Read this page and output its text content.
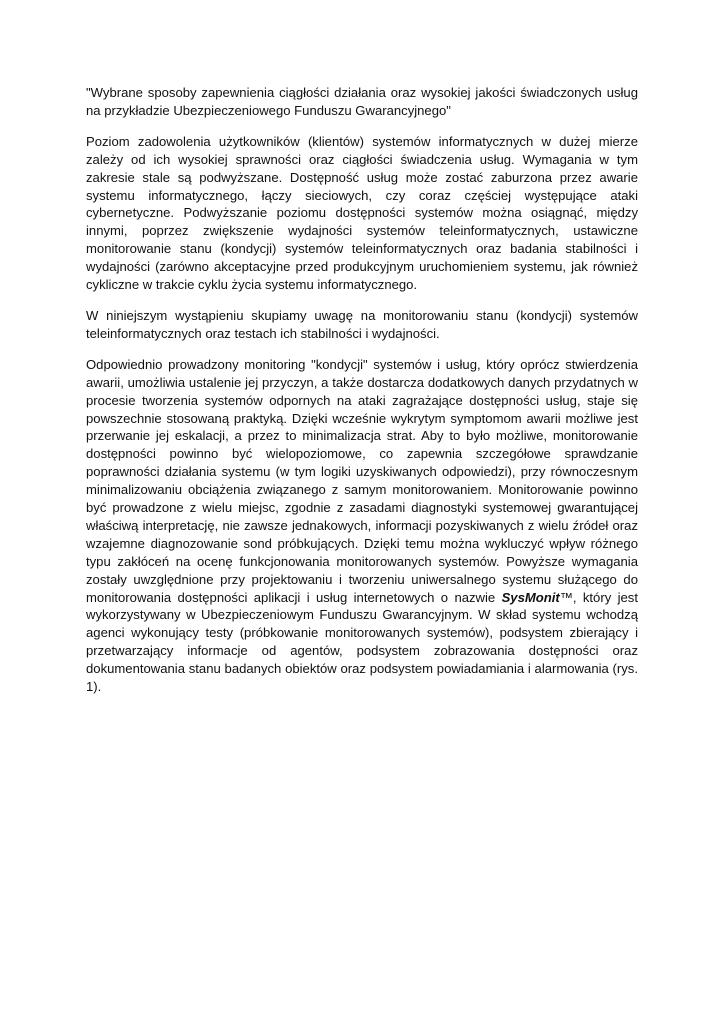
"Wybrane sposoby zapewnienia ciągłości działania oraz wysokiej jakości świadczonych usług na przykładzie Ubezpieczeniowego Funduszu Gwarancyjnego"

Poziom zadowolenia użytkowników (klientów) systemów informatycznych w dużej mierze zależy od ich wysokiej sprawności oraz ciągłości świadczenia usług. Wymagania w tym zakresie stale są podwyższane. Dostępność usług może zostać zaburzona przez awarie systemu informatycznego, łączy sieciowych, czy coraz częściej występujące ataki cybernetyczne. Podwyższanie poziomu dostępności systemów można osiągnąć, między innymi, poprzez zwiększenie wydajności systemów teleinformatycznych, ustawiczne monitorowanie stanu (kondycji) systemów teleinformatycznych oraz badania stabilności i wydajności (zarówno akceptacyjne przed produkcyjnym uruchomieniem systemu, jak również cykliczne w trakcie cyklu życia systemu informatycznego.

W niniejszym wystąpieniu skupiamy uwagę na monitorowaniu stanu (kondycji) systemów teleinformatycznych oraz testach ich stabilności i wydajności.

Odpowiednio prowadzony monitoring "kondycji" systemów i usług, który oprócz stwierdzenia awarii, umożliwia ustalenie jej przyczyn, a także dostarcza dodatkowych danych przydatnych w procesie tworzenia systemów odpornych na ataki zagrażające dostępności usług, staje się powszechnie stosowaną praktyką. Dzięki wcześnie wykrytym symptomom awarii możliwe jest przerwanie jej eskalacji, a przez to minimalizacja strat. Aby to było możliwe, monitorowanie dostępności powinno być wielopoziomowe, co zapewnia szczegółowe sprawdzanie poprawności działania systemu (w tym logiki uzyskiwanych odpowiedzi), przy równoczesnym minimalizowaniu obciążenia związanego z samym monitorowaniem. Monitorowanie powinno być prowadzone z wielu miejsc, zgodnie z zasadami diagnostyki systemowej gwarantującej właściwą interpretację, nie zawsze jednakowych, informacji pozyskiwanych z wielu źródeł oraz wzajemne diagnozowanie sond próbkujących. Dzięki temu można wykluczyć wpływ różnego typu zakłóceń na ocenę funkcjonowania monitorowanych systemów. Powyższe wymagania zostały uwzględnione przy projektowaniu i tworzeniu uniwersalnego systemu służącego do monitorowania dostępności aplikacji i usług internetowych o nazwie SysMonit™, który jest wykorzystywany w Ubezpieczeniowym Funduszu Gwarancyjnym. W skład systemu wchodzą agenci wykonujący testy (próbkowanie monitorowanych systemów), podsystem zbierający i przetwarzający informacje od agentów, podsystem zobrazowania dostępności oraz dokumentowania stanu badanych obiektów oraz podsystem powiadamiania i alarmowania (rys. 1).
